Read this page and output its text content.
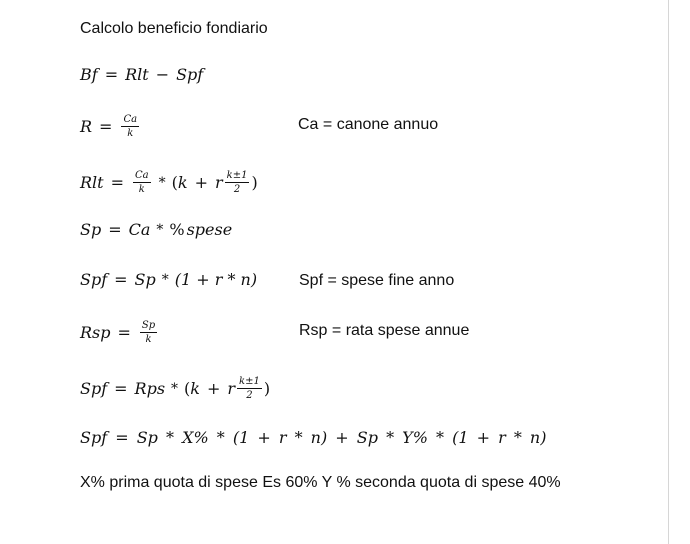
Calcolo beneficio fondiario
Bf = Rlt − Spf
$R = \frac{Ca}{k}$	Ca = canone annuo
Rlt = $\frac{Ca}{k}$ * ( k + r $\frac{k\pm 1}{2}$ )
Sp = Ca * % spese
Spf = Sp * (1 + r * n)	Spf = spese fine anno
Rsp = $\frac{Sp}{k}$	Rsp = rata spese annue
Spf = Rps * ( k + r $\frac{k\pm 1}{2}$ )
Spf = Sp * X% * (1 + r * n) + Sp * Y% * (1 + r * n)
X% prima quota di spese Es 60% Y % seconda quota di spese 40%
